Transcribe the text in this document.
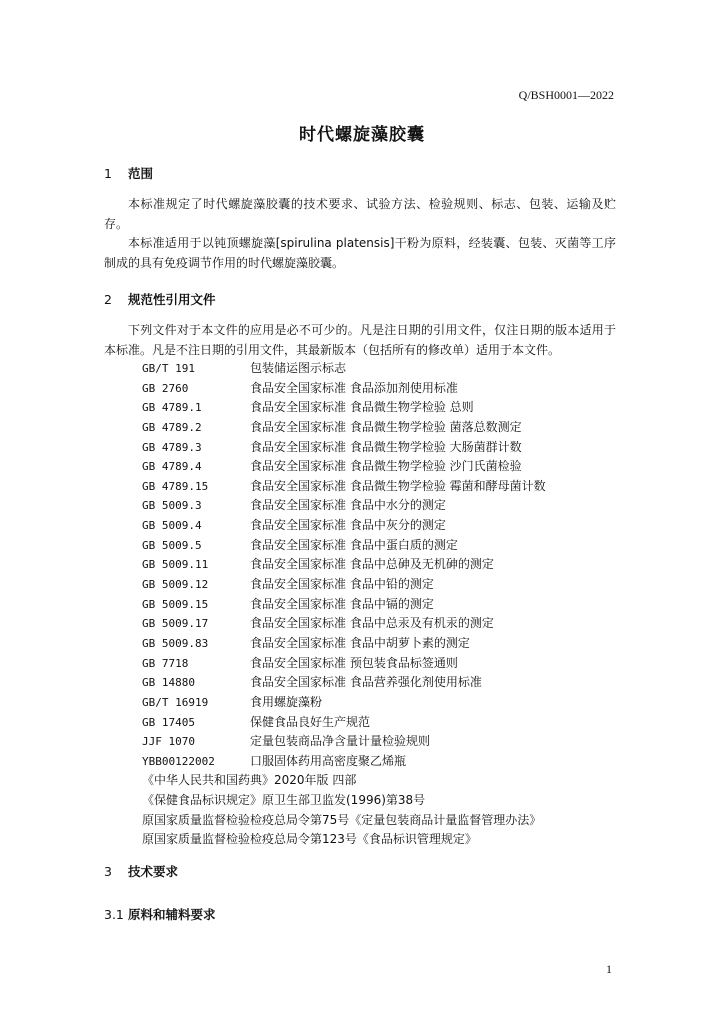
Q/BSH0001—2022
时代螺旋藻胶囊
1 范围
本标准规定了时代螺旋藻胶囊的技术要求、试验方法、检验规则、标志、包装、运输及贮存。
本标准适用于以钝顶螺旋藻[spirulina platensis]干粉为原料，经装囊、包装、灭菌等工序制成的具有免疫调节作用的时代螺旋藻胶囊。
2 规范性引用文件
下列文件对于本文件的应用是必不可少的。凡是注日期的引用文件，仅注日期的版本适用于本标准。凡是不注日期的引用文件，其最新版本（包括所有的修改单）适用于本文件。
GB/T 191	包装储运图示标志
GB 2760	食品安全国家标准 食品添加剂使用标准
GB 4789.1	食品安全国家标准 食品微生物学检验 总则
GB 4789.2	食品安全国家标准 食品微生物学检验 菌落总数测定
GB 4789.3	食品安全国家标准 食品微生物学检验 大肠菌群计数
GB 4789.4	食品安全国家标准 食品微生物学检验 沙门氏菌检验
GB 4789.15	食品安全国家标准 食品微生物学检验 霉菌和酵母菌计数
GB 5009.3	食品安全国家标准 食品中水分的测定
GB 5009.4	食品安全国家标准 食品中灰分的测定
GB 5009.5	食品安全国家标准 食品中蛋白质的测定
GB 5009.11	食品安全国家标准 食品中总砷及无机砷的测定
GB 5009.12	食品安全国家标准 食品中铅的测定
GB 5009.15	食品安全国家标准 食品中镉的测定
GB 5009.17	食品安全国家标准 食品中总汞及有机汞的测定
GB 5009.83	食品安全国家标准 食品中胡萝卜素的测定
GB 7718	食品安全国家标准 预包装食品标签通则
GB 14880	食品安全国家标准 食品营养强化剂使用标准
GB/T 16919	食用螺旋藻粉
GB 17405	保健食品良好生产规范
JJF 1070	定量包装商品净含量计量检验规则
YBB00122002	口服固体药用高密度聚乙烯瓶
《中华人民共和国药典》2020年版 四部
《保健食品标识规定》原卫生部卫监发(1996)第38号
原国家质量监督检验检疫总局令第75号《定量包装商品计量监督管理办法》
原国家质量监督检验检疫总局令第123号《食品标识管理规定》
3 技术要求
3.1 原料和辅料要求
1
